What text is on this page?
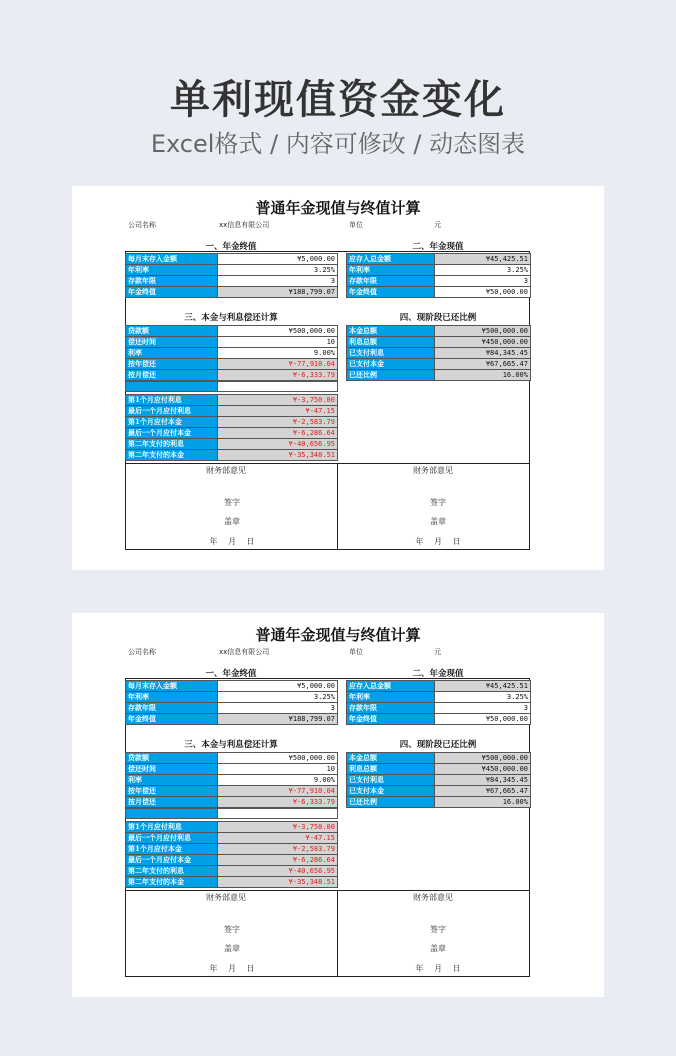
单利现值资金变化
Excel格式 / 内容可修改 / 动态图表
普通年金现值与终值计算
公司名称	xx信息有限公司	单位	元
一、年金终值	二、年金现值
三、本金与利息偿还计算	四、现阶段已还比例
每月末存入金额	¥5,000.00
年利率	3.25%
存款年限	3
年金终值	¥188,799.07
应存入总金额	¥45,425.51
年利率	3.25%
存款年限	3
年金终值	¥50,000.00
贷款额	¥500,000.00
偿还时间	10
利率	9.00%
按年偿还	¥-77,910.04
按月偿还	¥-6,333.79

第1个月应付利息	¥-3,750.00
最后一个月应付利息	¥-47.15
第1个月应付本金	¥-2,583.79
最后一个月应付本金	¥-6,286.64
第二年支付的利息	¥-40,656.95
第二年支付的本金	¥-35,348.51
本金总额	¥500,000.00
利息总额	¥450,000.00
已支付利息	¥84,345.45
已支付本金	¥67,665.47
已还比例	16.00%
财务部意见	财务部意见
签字	签字
盖章	盖章
年　 月　 日	年　 月　 日
普通年金现值与终值计算
公司名称	xx信息有限公司	单位	元
一、年金终值	二、年金现值
三、本金与利息偿还计算	四、现阶段已还比例
每月末存入金额	¥5,000.00
年利率	3.25%
存款年限	3
年金终值	¥188,799.07
应存入总金额	¥45,425.51
年利率	3.25%
存款年限	3
年金终值	¥50,000.00
贷款额	¥500,000.00
偿还时间	10
利率	9.00%
按年偿还	¥-77,910.04
按月偿还	¥-6,333.79

第1个月应付利息	¥-3,750.00
最后一个月应付利息	¥-47.15
第1个月应付本金	¥-2,583.79
最后一个月应付本金	¥-6,286.64
第二年支付的利息	¥-40,656.95
第二年支付的本金	¥-35,348.51
本金总额	¥500,000.00
利息总额	¥450,000.00
已支付利息	¥84,345.45
已支付本金	¥67,665.47
已还比例	16.00%
财务部意见	财务部意见
签字	签字
盖章	盖章
年　 月　 日	年　 月　 日
